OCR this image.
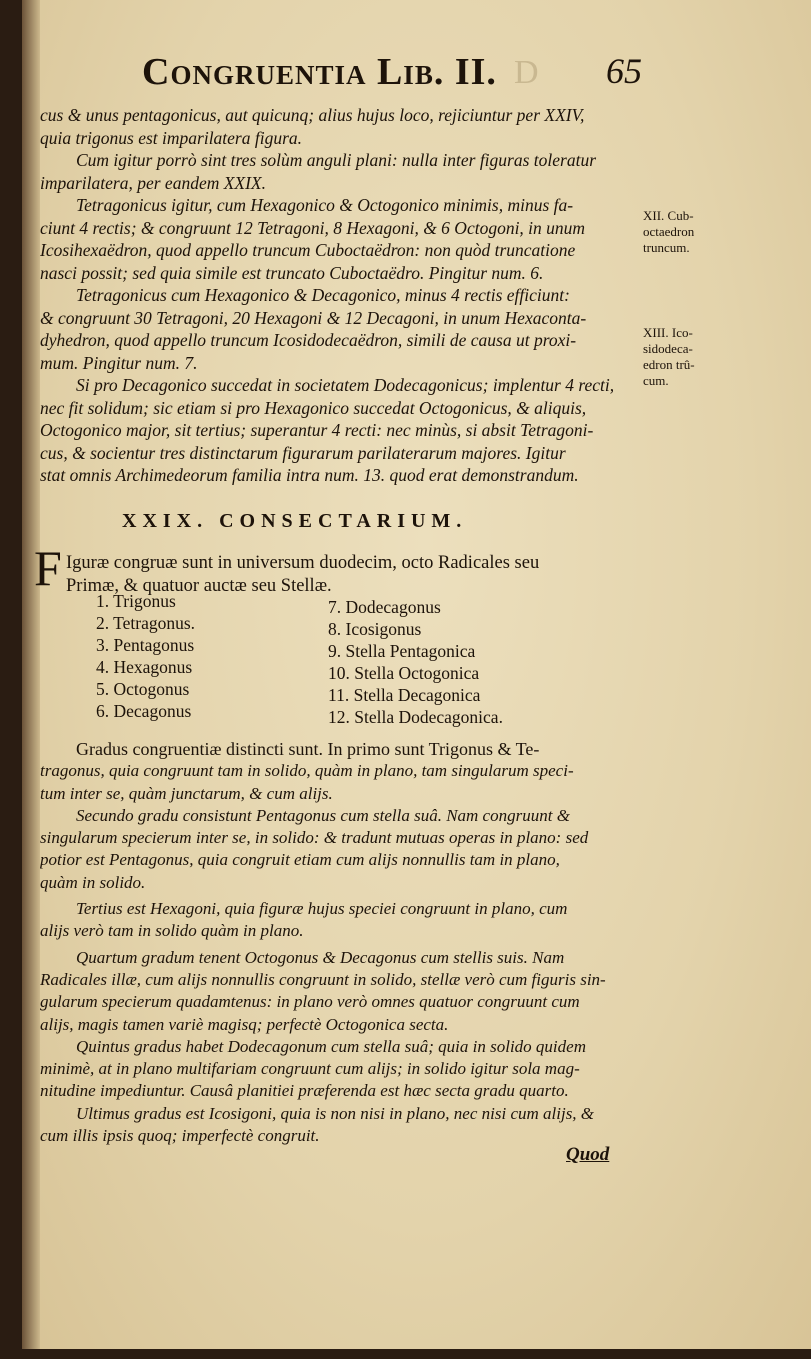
Congruentia Lib. II. D 65
cus & unus pentagonicus, aut quicunq; alius hujus loco, rejiciuntur per XXIV,
quia trigonus est imparilatera figura.
Cum igitur porrò sint tres solùm anguli plani: nulla inter figuras toleratur
imparilatera, per eandem XXIX.
Tetragonicus igitur, cum Hexagonico & Octogonico minimis, minus fa-
ciunt 4 rectis; & congruunt 12 Tetragoni, 8 Hexagoni, & 6 Octogoni, in unum
Icosihexaëdron, quod appello truncum Cuboctaëdron: non quòd truncatione
nasci possit; sed quia simile est truncato Cuboctaëdro. Pingitur num. 6.
Tetragonicus cum Hexagonico & Decagonico, minus 4 rectis efficiunt:
& congruunt 30 Tetragoni, 20 Hexagoni & 12 Decagoni, in unum Hexaconta-
dyhedron, quod appello truncum Icosidodecaëdron, simili de causa ut proxi-
mum. Pingitur num. 7.
Si pro Decagonico succedat in societatem Dodecagonicus; implentur 4 recti,
nec fit solidum; sic etiam si pro Hexagonico succedat Octogonicus, & aliquis,
Octogonico major, sit tertius; superantur 4 recti: nec minùs, si absit Tetragoni-
cus, & socientur tres distinctarum figurarum parilaterarum majores. Igitur
stat omnis Archimedeorum familia intra num. 13. quod erat demonstrandum.
XII. Cub-
octaedron
truncum.
XIII. Ico-
sidodeca-
edron trû-
cum.
XXIX. CONSECTARIUM.
F Iguræ congruæ sunt in universum duodecim, octo Radicales seu
Primæ, & quatuor auctæ seu Stellæ.
1. Trigonus
2. Tetragonus.
3. Pentagonus
4. Hexagonus
5. Octogonus
6. Decagonus
7. Dodecagonus
8. Icosigonus
9. Stella Pentagonica
10. Stella Octogonica
11. Stella Decagonica
12. Stella Dodecagonica.
Gradus congruentiæ distincti sunt. In primo sunt Trigonus & Te-
tragonus, quia congruunt tam in solido, quàm in plano, tam singularum speci-
tum inter se, quàm junctarum, & cum alijs.
Secundo gradu consistunt Pentagonus cum stella suâ. Nam congruunt &
singularum specierum inter se, in solido: & tradunt mutuas operas in plano: sed
potior est Pentagonus, quia congruit etiam cum alijs nonnullis tam in plano,
quàm in solido.
Tertius est Hexagoni, quia figuræ hujus speciei congruunt in plano, cum
alijs verò tam in solido quàm in plano.
Quartum gradum tenent Octogonus & Decagonus cum stellis suis. Nam
Radicales illæ, cum alijs nonnullis congruunt in solido, stellæ verò cum figuris sin-
gularum specierum quadamtenus: in plano verò omnes quatuor congruunt cum
alijs, magis tamen variè magisq; perfectè Octogonica secta.
Quintus gradus habet Dodecagonum cum stella suâ; quia in solido quidem
minimè, at in plano multifariam congruunt cum alijs; in solido igitur sola mag-
nitudine impediuntur. Causâ planitiei præferenda est hæc secta gradu quarto.
Ultimus gradus est Icosigoni, quia is non nisi in plano, nec nisi cum alijs, &
cum illis ipsis quoq; imperfectè congruit.
Quod
